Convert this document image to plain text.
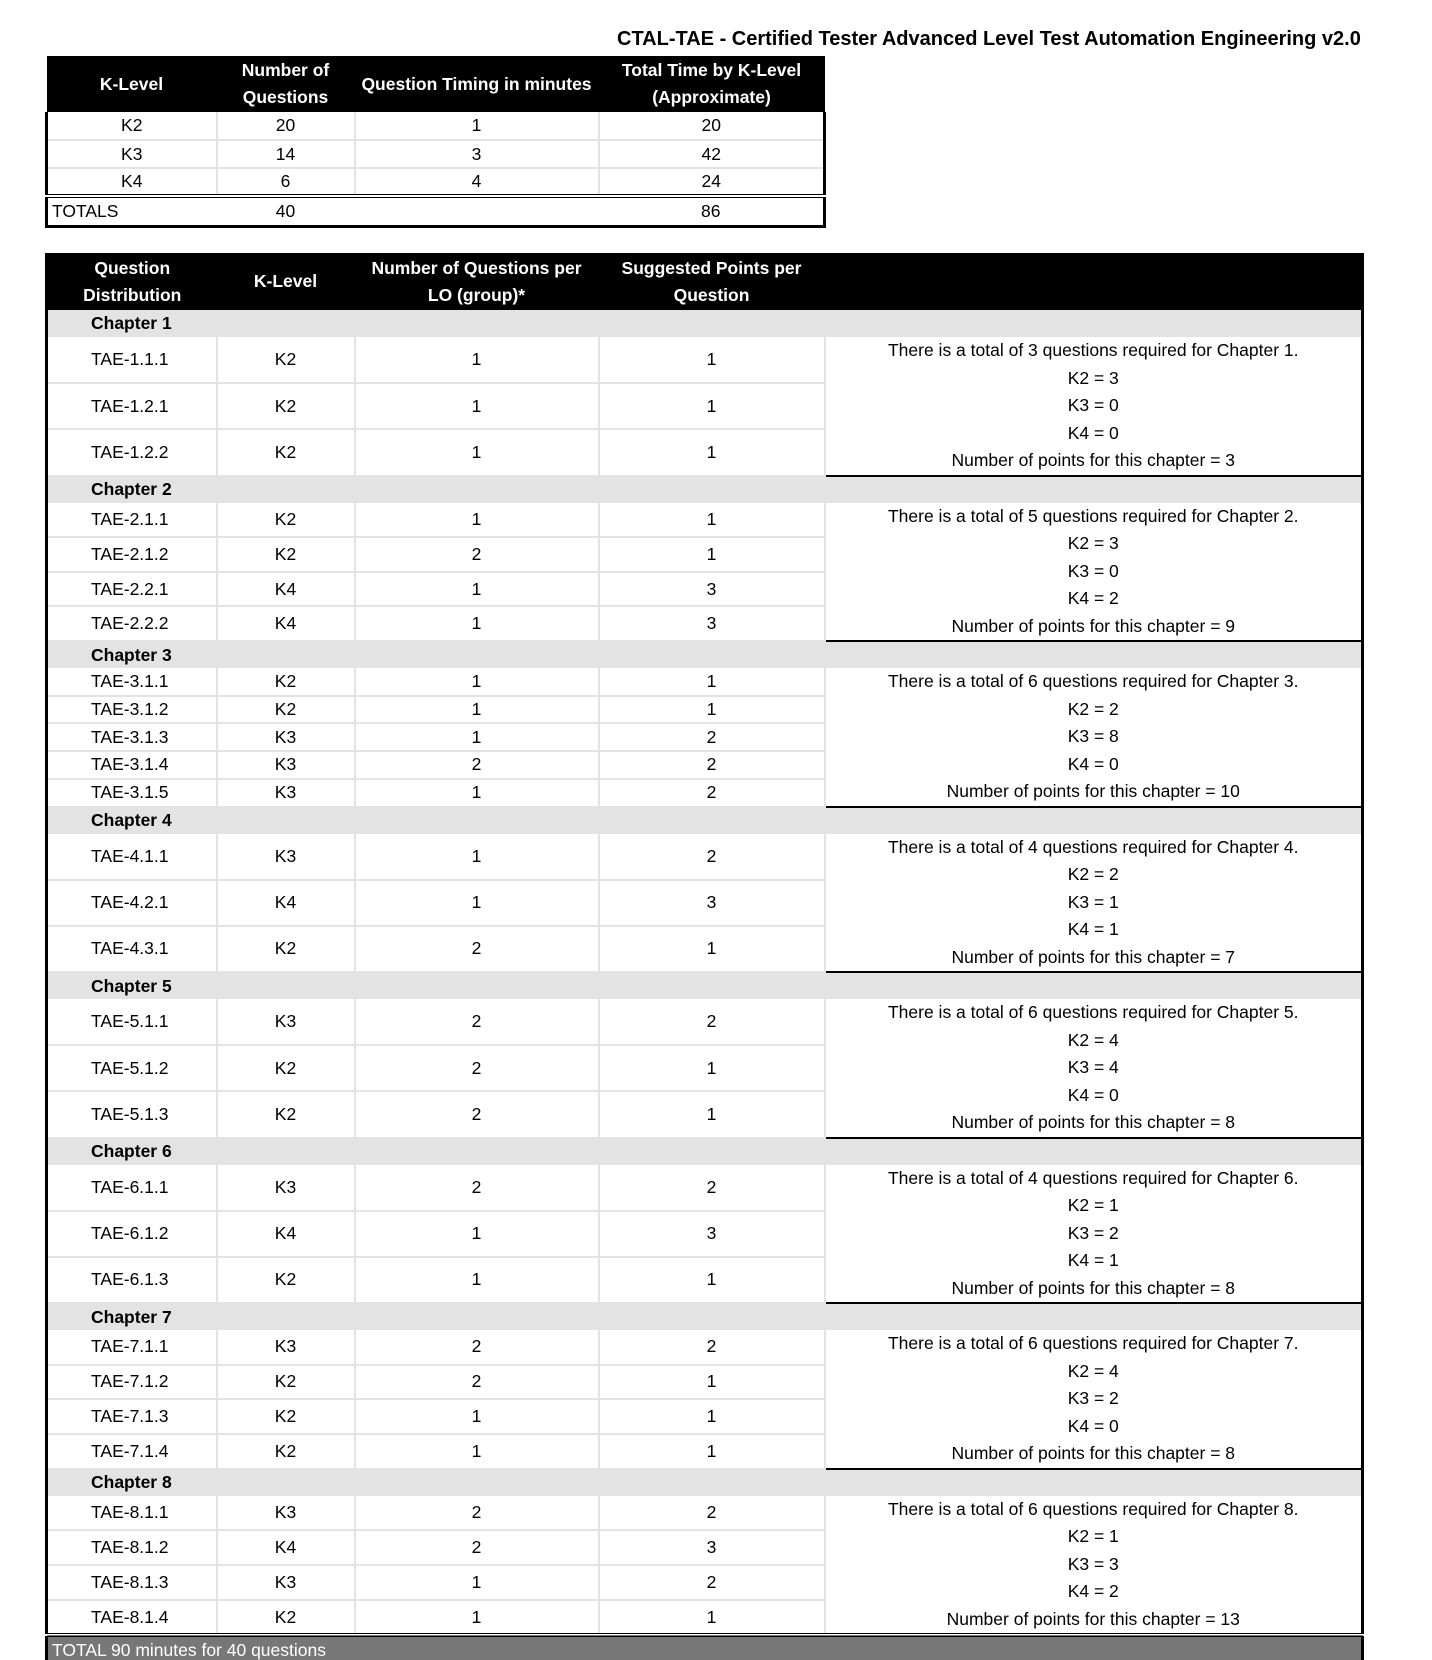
CTAL-TAE - Certified Tester Advanced Level Test Automation Engineering v2.0
K-Level	Number of Questions	Question Timing in minutes	Total Time by K-Level (Approximate)
K2	20	1	20
K3	14	3	42
K4	6	4	24
TOTALS	40		86
Question Distribution	K-Level	Number of Questions per LO (group)*	Suggested Points per Question	
Chapter 1				
TAE-1.1.1	K2	1	1	There is a total of 3 questions required for Chapter 1.
K2 = 3
K3 = 0
K4 = 0
Number of points for this chapter = 3

TAE-1.2.1	K2	1	1	
TAE-1.2.2	K2	1	1	
Chapter 2				
TAE-2.1.1	K2	1	1	There is a total of 5 questions required for Chapter 2.
K2 = 3
K3 = 0
K4 = 2
Number of points for this chapter = 9

TAE-2.1.2	K2	2	1	
TAE-2.2.1	K4	1	3	
TAE-2.2.2	K4	1	3	
Chapter 3				
TAE-3.1.1	K2	1	1	There is a total of 6 questions required for Chapter 3.
K2 = 2
K3 = 8
K4 = 0
Number of points for this chapter = 10

TAE-3.1.2	K2	1	1	
TAE-3.1.3	K3	1	2	
TAE-3.1.4	K3	2	2	
TAE-3.1.5	K3	1	2	
Chapter 4				
TAE-4.1.1	K3	1	2	There is a total of 4 questions required for Chapter 4.
K2 = 2
K3 = 1
K4 = 1
Number of points for this chapter = 7

TAE-4.2.1	K4	1	3	
TAE-4.3.1	K2	2	1	
Chapter 5				
TAE-5.1.1	K3	2	2	There is a total of 6 questions required for Chapter 5.
K2 = 4
K3 = 4
K4 = 0
Number of points for this chapter = 8

TAE-5.1.2	K2	2	1	
TAE-5.1.3	K2	2	1	
Chapter 6				
TAE-6.1.1	K3	2	2	There is a total of 4 questions required for Chapter 6.
K2 = 1
K3 = 2
K4 = 1
Number of points for this chapter = 8

TAE-6.1.2	K4	1	3	
TAE-6.1.3	K2	1	1	
Chapter 7				
TAE-7.1.1	K3	2	2	There is a total of 6 questions required for Chapter 7.
K2 = 4
K3 = 2
K4 = 0
Number of points for this chapter = 8

TAE-7.1.2	K2	2	1	
TAE-7.1.3	K2	1	1	
TAE-7.1.4	K2	1	1	
Chapter 8				
TAE-8.1.1	K3	2	2	There is a total of 6 questions required for Chapter 8.
K2 = 1
K3 = 3
K4 = 2
Number of points for this chapter = 13

TAE-8.1.2	K4	2	3	
TAE-8.1.3	K3	1	2	
TAE-8.1.4	K2	1	1	
TOTAL 90 minutes for 40 questions				
